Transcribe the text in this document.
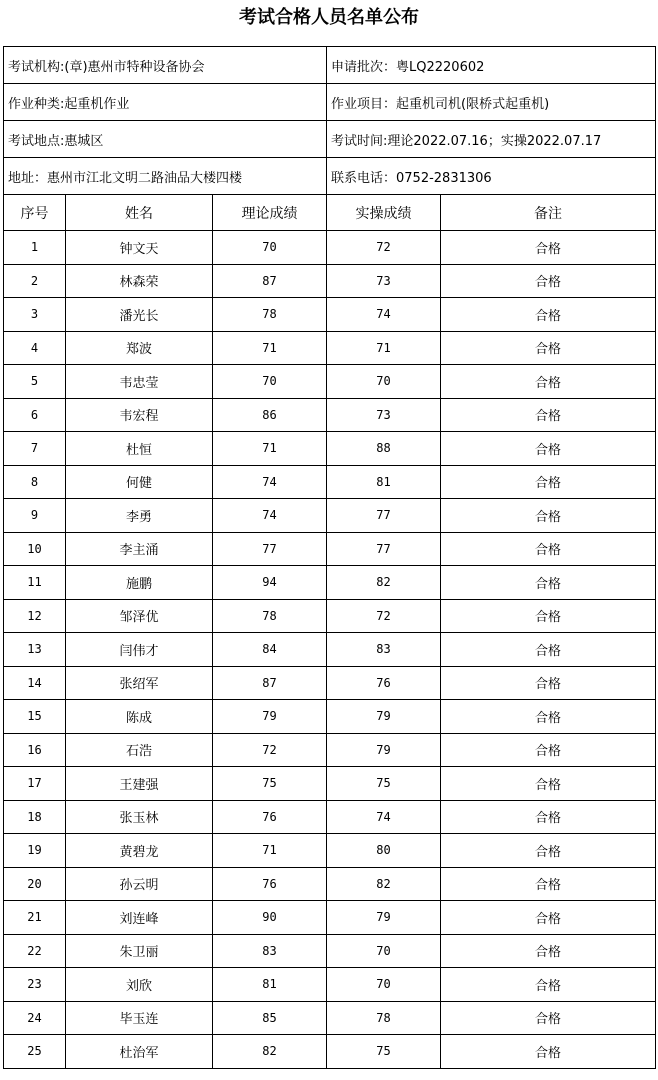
考试合格人员名单公布
考试机构:(章)惠州市特种设备协会			申请批次：粤LQ2220602	
作业种类:起重机作业			作业项目：起重机司机(限桥式起重机)	
考试地点:惠城区			考试时间:理论2022.07.16；实操2022.07.17	
地址：惠州市江北文明二路油品大楼四楼			联系电话：0752-2831306	
序号	姓名	理论成绩	实操成绩	备注
1	钟文天	70	72	合格
2	林森荣	87	73	合格
3	潘光长	78	74	合格
4	郑波	71	71	合格
5	韦忠莹	70	70	合格
6	韦宏程	86	73	合格
7	杜恒	71	88	合格
8	何健	74	81	合格
9	李勇	74	77	合格
10	李主涌	77	77	合格
11	施鹏	94	82	合格
12	邹泽优	78	72	合格
13	闫伟才	84	83	合格
14	张绍军	87	76	合格
15	陈成	79	79	合格
16	石浩	72	79	合格
17	王建强	75	75	合格
18	张玉林	76	74	合格
19	黄碧龙	71	80	合格
20	孙云明	76	82	合格
21	刘连峰	90	79	合格
22	朱卫丽	83	70	合格
23	刘欣	81	70	合格
24	毕玉连	85	78	合格
25	杜治军	82	75	合格
